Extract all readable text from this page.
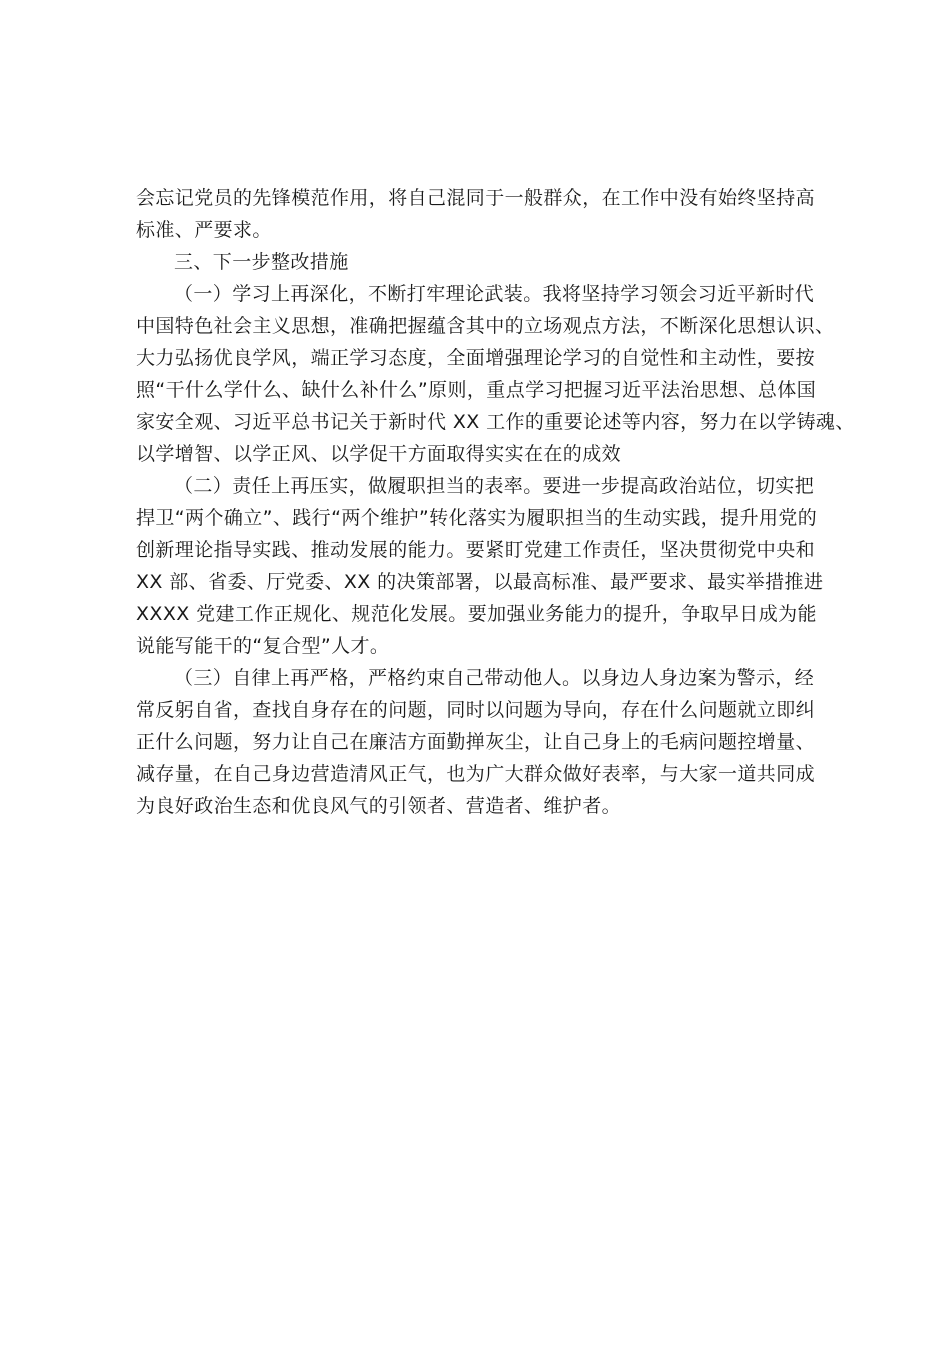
会忘记党员的先锋模范作用，将自己混同于一般群众，在工作中没有始终坚持高
标准、严要求。
三、下一步整改措施
（一）学习上再深化，不断打牢理论武装。我将坚持学习领会习近平新时代
中国特色社会主义思想，准确把握蕴含其中的立场观点方法，不断深化思想认识、
大力弘扬优良学风，端正学习态度，全面增强理论学习的自觉性和主动性，要按
照“干什么学什么、缺什么补什么”原则，重点学习把握习近平法治思想、总体国
家安全观、习近平总书记关于新时代 XX 工作的重要论述等内容，努力在以学铸魂、
以学增智、以学正风、以学促干方面取得实实在在的成效
（二）责任上再压实，做履职担当的表率。要进一步提高政治站位，切实把
捍卫“两个确立”、践行“两个维护”转化落实为履职担当的生动实践，提升用党的
创新理论指导实践、推动发展的能力。要紧盯党建工作责任，坚决贯彻党中央和
XX 部、省委、厅党委、XX 的决策部署，以最高标准、最严要求、最实举措推进
XXXX 党建工作正规化、规范化发展。要加强业务能力的提升，争取早日成为能
说能写能干的“复合型”人才。
（三）自律上再严格，严格约束自己带动他人。以身边人身边案为警示，经
常反躬自省，查找自身存在的问题，同时以问题为导向，存在什么问题就立即纠
正什么问题，努力让自己在廉洁方面勤掸灰尘，让自己身上的毛病问题控增量、
减存量，在自己身边营造清风正气，也为广大群众做好表率，与大家一道共同成
为良好政治生态和优良风气的引领者、营造者、维护者。
